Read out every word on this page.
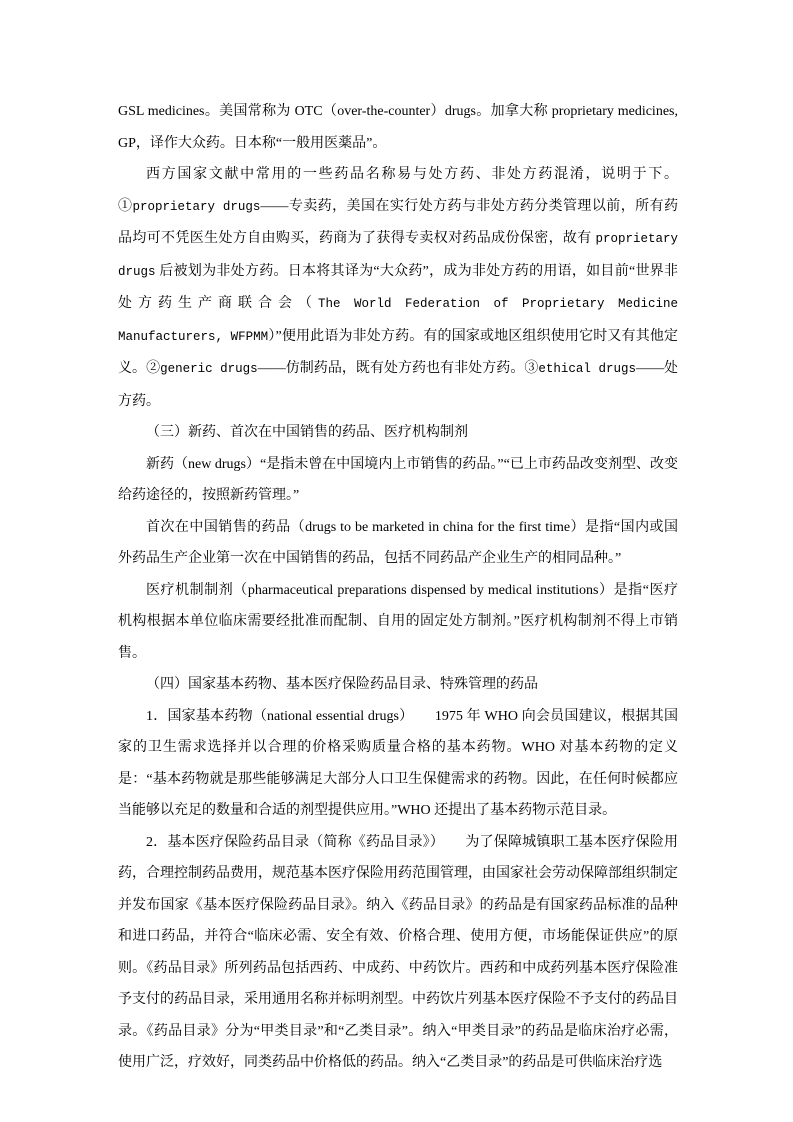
GSL medicines。美国常称为 OTC（over-the-counter）drugs。加拿大称 proprietary medicines, GP，译作大众药。日本称“一般用医薬品”。

西方国家文献中常用的一些药品名称易与处方药、非处方药混淆，说明于下。①proprietary drugs——专卖药，美国在实行处方药与非处方药分类管理以前，所有药品均可不凭医生处方自由购买，药商为了获得专卖权对药品成份保密，故有 proprietary drugs 后被划为非处方药。日本将其译为“大众药”，成为非处方药的用语，如目前“世界非处方药生产商联合会（The World Federation of Proprietary Medicine Manufacturers, WFPMM）”便用此语为非处方药。有的国家或地区组织使用它时又有其他定义。②generic drugs——仿制药品，既有处方药也有非处方药。③ethical drugs——处方药。

（三）新药、首次在中国销售的药品、医疗机构制剂

新药（new drugs）“是指未曾在中国境内上市销售的药品。”“已上市药品改变剂型、改变给药途径的，按照新药管理。”

首次在中国销售的药品（drugs to be marketed in china for the first time）是指“国内或国外药品生产企业第一次在中国销售的药品，包括不同药品产企业生产的相同品种。”

医疗机制制剂（pharmaceutical preparations dispensed by medical institutions）是指“医疗机构根据本单位临床需要经批准而配制、自用的固定处方制剂。”医疗机构制剂不得上市销售。

（四）国家基本药物、基本医疗保险药品目录、特殊管理的药品

1．国家基本药物（national essential drugs）　　1975 年 WHO 向会员国建议，根据其国家的卫生需求选择并以合理的价格采购质量合格的基本药物。WHO 对基本药物的定义是：“基本药物就是那些能够满足大部分人口卫生保健需求的药物。因此，在任何时候都应当能够以充足的数量和合适的剂型提供应用。”WHO 还提出了基本药物示范目录。

2．基本医疗保险药品目录（简称《药品目录》）　　为了保障城镇职工基本医疗保险用药，合理控制药品费用，规范基本医疗保险用药范围管理，由国家社会劳动保障部组织制定并发布国家《基本医疗保险药品目录》。纳入《药品目录》的药品是有国家药品标准的品种和进口药品，并符合“临床必需、安全有效、价格合理、使用方便，市场能保证供应”的原则。《药品目录》所列药品包括西药、中成药、中药饮片。西药和中成药列基本医疗保险准予支付的药品目录，采用通用名称并标明剂型。中药饮片列基本医疗保险不予支付的药品目录。《药品目录》分为“甲类目录”和“乙类目录”。纳入“甲类目录”的药品是临床治疗必需，使用广泛，疗效好，同类药品中价格低的药品。纳入“乙类目录”的药品是可供临床治疗选
